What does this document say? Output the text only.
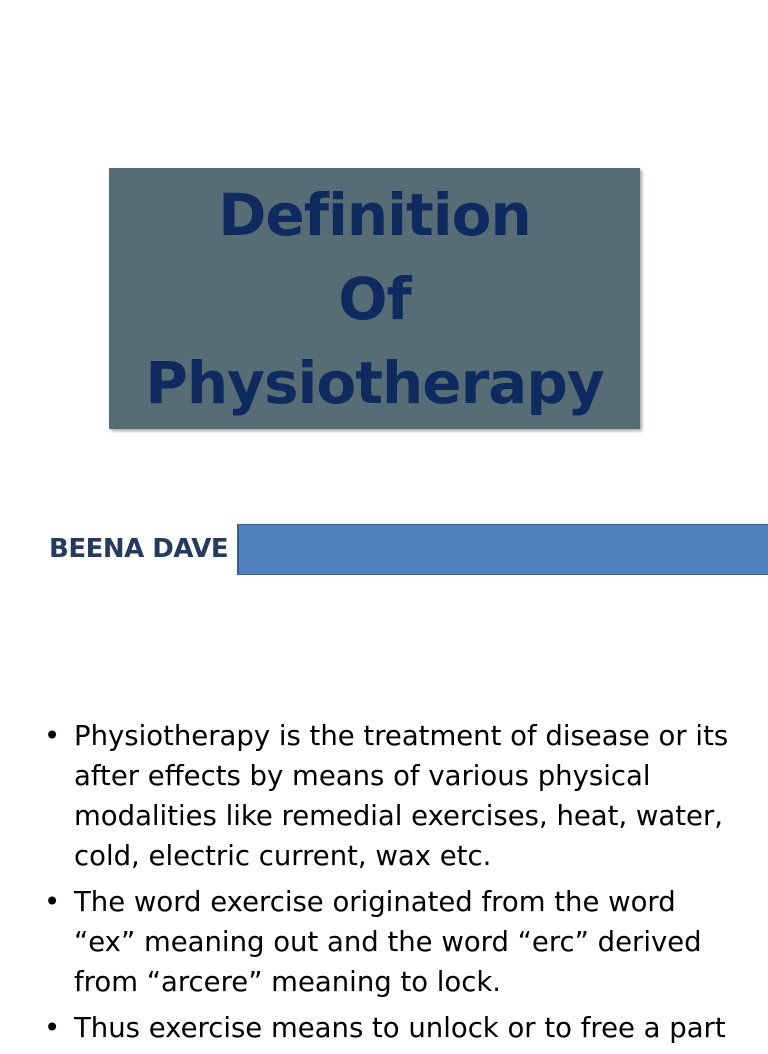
Definition
Of
Physiotherapy
BEENA DAVE
• Physiotherapy is the treatment of disease or its after effects by means of various physical modalities like remedial exercises, heat, water, cold, electric current, wax etc.
• The word exercise originated from the word “ex” meaning out and the word “erc” derived from “arcere” meaning to lock.
• Thus exercise means to unlock or to free a part
